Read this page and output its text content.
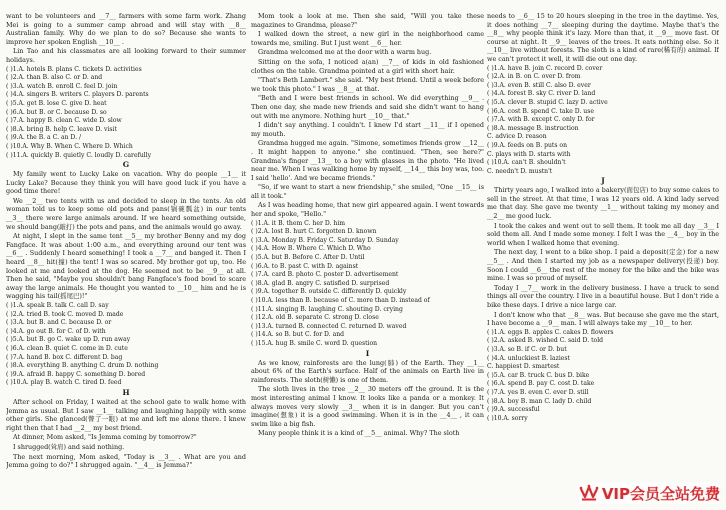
want to be volunteers and __7__ farmers with some farm work. Zhang Mei is going to a summer camp abroad and will stay with __8__ Australian family. Why do we plan to do so? Because she wants to improve her spoken English __10__ .

Lin Tao and his classmates are all looking forward to their summer holidays.

( )1.A. hotels B. plans C. tickets D. activities
( )2.A. than B. also C. or D. and
( )3.A. watch B. enroll C. feel D. join
( )4.A. singers B. writers C. players D. parents
( )5.A. get B. lose C. give D. heat
( )6.A. but B. or C. because D. so
( )7.A. happy B. clean C. wide D. slow
( )8.A. bring B. help C. leave D. visit
( )9.A. the B. a C. an D. /
( )10.A. Why B. When C. Where D. Which
( )11.A. quickly B. quietly C. loudly D. carefully
G

My family went to Lucky Lake on vacation. Why do people __1__ it Lucky Lake? Because they think you will have good luck if you have a good time there!

We __2__ two tents with us and decided to sleep in the tents. An old woman told us to keep some old pots and pans(锅碗瓢盆) in our tents __3__ there were large animals around. If we heard something outside, we should bang(敲打) the pots and pans, and the animals would go away.

At night, I slept in the same tent __5__ my brother Benny and my dog Fangface. It was about 1:00 a.m., and everything around our tent was __6__ . Suddenly I heard something! I took a __7__ and banged it. Then I heard __8__ hit(撞) the tent! I was so scared. My brother got up, too. He looked at me and looked at the dog. He seemed not to be __9__ at all. Then he said, "Maybe you shouldn't bang Fangface's food bowl to scare away the large animals. He thought you wanted to __10__ him and he is wagging his tail(摇尾巴)!"

( )1.A. speak B. talk C. call D. say
( )2.A. tried B. took C. moved D. made
( )3.A. but B. and C. because D. or
( )4.A. go out B. for C. of D. with
( )5.A. but B. go C. wake up D. run away
( )6.A. clean B. quiet C. come in D. cute
( )7.A. hand B. box C. different D. bag
( )8.A. everything B. anything C. drum D. nothing
( )9.A. afraid B. happy C. something D. bored
( )10.A. play B. watch C. tired D. feed
H

After school on Friday, I waited at the school gate to walk home with Jemma as usual. But I saw __1__ talking and laughing happily with some other girls. She glanced(瞥了一眼) at me and left me alone there. I knew right then that I had __2__ my best friend.

At dinner, Mom asked, "Is Jemma coming by tomorrow?"

I shrugged(耸肩) and said nothing.

The next morning, Mom asked, "Today is __3__ . What are you and Jemma going to do?" I shrugged again. "__4__ is Jemma?"

Mom took a look at me. Then she said, "Will you take these magazines to Grandma, please?"

I walked down the street, a new girl in the neighborhood came towards me, smiling. But I just went __6__ her.

Grandma welcomed me at the door with a warm hug.

Sitting on the sofa, I noticed a(an) __7__ of kids in old fashioned clothes on the table. Grandma pointed at a girl with short hair.

"That's Beth Lambert." she said. "My best friend. Until a week before we took this photo." I was __8__ at that.

"Beth and I were best friends in school. We did everything __9__ . Then one day, she made new friends and said she didn't want to hang out with me anymore. Nothing hurt __10__ that."

I didn't say anything. I couldn't. I knew I'd start __11__ if I opened my mouth.

Grandma hugged me again. "Simone, sometimes friends grow __12__ . It might happen to anyone." she continued. "Then, see here?" Grandma's finger __13__ to a boy with glasses in the photo. "He lived near me. When I was walking home by myself, __14__ this boy was, too. I said 'hello'. And we became friends."

"So, if we want to start a new friendship," she smiled, "One __15__ is all it took."

As I was heading home, that new girl appeared again. I went towards her and spoke, "Hello."

( )1.A. it B. them C. her D. him
( )2.A. lost B. hurt C. forgotten D. known
( )3.A. Monday B. Friday C. Saturday D. Sunday
( )4.A. How B. Where C. Which D. Who
( )5.A. but B. Before C. After D. Until
( )6.A. to B. past C. with D. against
( )7.A. card B. photo C. poster D. advertisement
( )8.A. glad B. angry C. satisfied D. surprised
( )9.A. together B. outside C. differently D. quickly
( )10.A. less than B. because of C. more than D. instead of
( )11.A. singing B. laughing C. shouting D. crying
( )12.A. old B. separate C. strong D. close
( )13.A. turned B. connected C. returned D. waved
( )14.A. so B. but C. for D. and
( )15.A. hug B. smile C. word D. question
I

As we know, rainforests are the lung(肺) of the Earth. They __1__ about 6% of the Earth's surface. Half of the animals on Earth live in rainforests. The sloth(树懒) is one of them.

The sloth lives in the tree __2__ 30 meters off the ground. It is the most interesting animal I know. It looks like a panda or a monkey. It always moves very slowly __3__ when it is in danger. But you can't imagine(想象) it is a good swimming. When it is in the __4__ , it can swim like a big fish.

Many people think it is a kind of __5__ animal. Why? The sloth

needs to __6__ 15 to 20 hours sleeping in the tree in the daytime. Yes, it does nothing __7__ sleeping during the daytime. Maybe that's the __8__ why people think it's lazy. More than that, it __9__ move fast. Of course at night. It __9__ leaves of the trees. It eats nothing else. So it __10__ live without forests. The sloth is a kind of rare(稀有的) animal. If we can't protect it well, it will die out one day.

( )1.A. have B. join C. record D. cover
( )2.A. in B. on C. over D. from
( )3.A. even B. still C. also D. ever
( )4.A. forest B. sky C. river D. land
( )5.A. clever B. stupid C. lazy D. active
( )6.A. cost B. spend C. take D. use
( )7.A. with B. except C. only D. for
( )8.A. message B. instruction
C. advice D. reason
( )9.A. feeds on B. puts on
C. plays with D. starts with
( )10.A. can't B. shouldn't
C. needn't D. mustn't
J

Thirty years ago, I walked into a bakery(面包店) to buy some cakes to sell in the street. At that time, I was 12 years old. A kind lady served me that day. She gave me twenty __1__ without taking my money and __2__ me good luck.

I took the cakes and went out to sell them. It took me all day __3__ I sold them all. And I made some money. I felt I was the __4__ boy in the world when I walked home that evening.

The next day, I went to a bike shop. I paid a deposit(定金) for a new __5__ . And then I started my job as a newspaper delivery(投递) boy. Soon I could __6__ the rest of the money for the bike and the bike was mine. I was so proud of myself.

Today I __7__ work in the delivery business. I have a truck to send things all over the country. I live in a beautiful house. But I don't ride a bike these days. I drive a nice large car.

I don't know who that __8__ was. But because she gave me the start, I have become a __9__ man. I will always take my __10__ to her.

( )1.A. eggs B. apples C. cakes D. flowers
( )2.A. asked B. wished C. said D. told
( )3.A. so B. if C. or D. but
( )4.A. unluckiest B. laziest
C. happiest D. smartest
( )5.A. car B. truck C. bus D. bike
( )6.A. spend B. pay C. cost D. take
( )7.A. yes B. even C. ever D. still
( )8.A. boy B. man C. lady D. child
( )9.A. successful
( )10.A. sorry
VIP会员全站免费
